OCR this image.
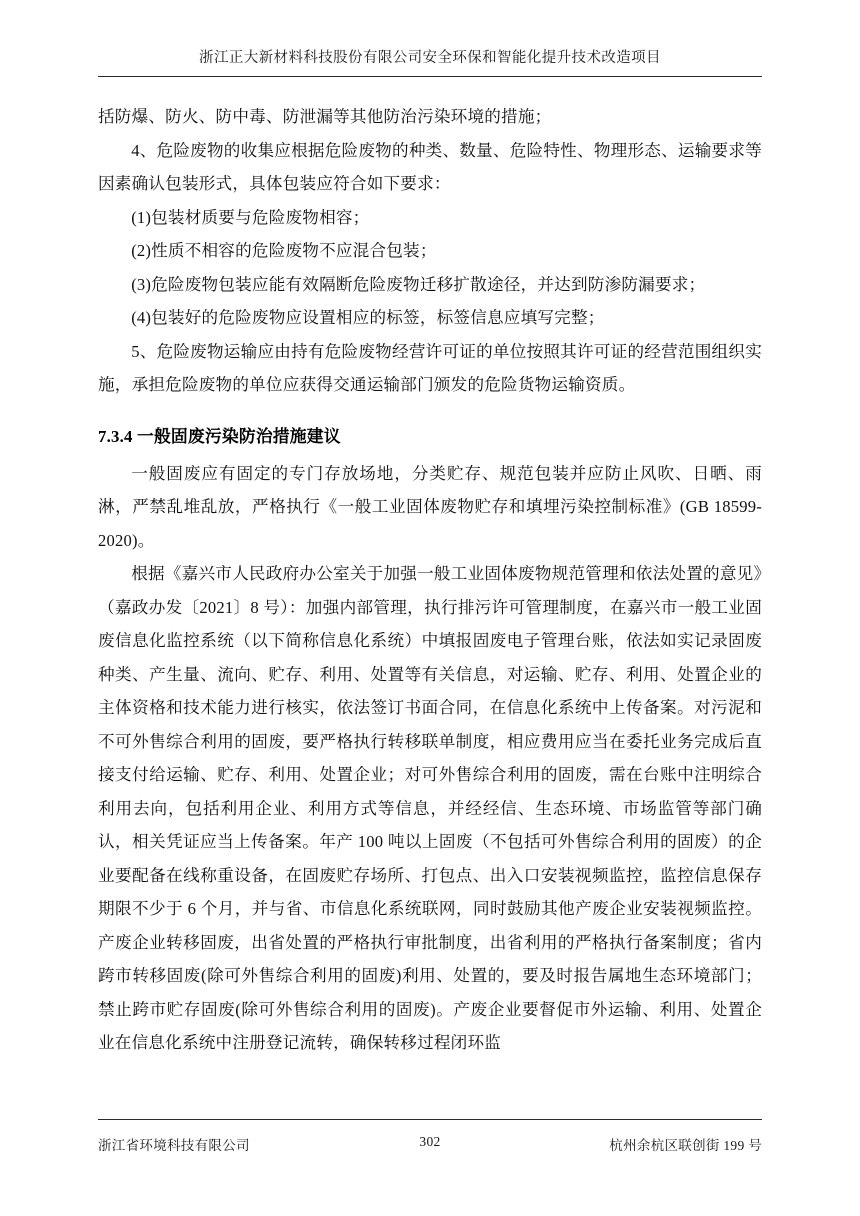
浙江正大新材料科技股份有限公司安全环保和智能化提升技术改造项目

括防爆、防火、防中毒、防泄漏等其他防治污染环境的措施；

4、危险废物的收集应根据危险废物的种类、数量、危险特性、物理形态、运输要求等因素确认包装形式，具体包装应符合如下要求：

(1)包装材质要与危险废物相容；

(2)性质不相容的危险废物不应混合包装；

(3)危险废物包装应能有效隔断危险废物迁移扩散途径，并达到防渗防漏要求；

(4)包装好的危险废物应设置相应的标签，标签信息应填写完整；

5、危险废物运输应由持有危险废物经营许可证的单位按照其许可证的经营范围组织实施，承担危险废物的单位应获得交通运输部门颁发的危险货物运输资质。

7.3.4 一般固废污染防治措施建议

一般固废应有固定的专门存放场地，分类贮存、规范包装并应防止风吹、日晒、雨淋，严禁乱堆乱放，严格执行《一般工业固体废物贮存和填埋污染控制标准》(GB 18599-2020)。

根据《嘉兴市人民政府办公室关于加强一般工业固体废物规范管理和依法处置的意见》（嘉政办发〔2021〕8 号）：加强内部管理，执行排污许可管理制度，在嘉兴市一般工业固废信息化监控系统（以下简称信息化系统）中填报固废电子管理台账，依法如实记录固废种类、产生量、流向、贮存、利用、处置等有关信息，对运输、贮存、利用、处置企业的主体资格和技术能力进行核实，依法签订书面合同，在信息化系统中上传备案。对污泥和不可外售综合利用的固废，要严格执行转移联单制度，相应费用应当在委托业务完成后直接支付给运输、贮存、利用、处置企业；对可外售综合利用的固废，需在台账中注明综合利用去向，包括利用企业、利用方式等信息，并经经信、生态环境、市场监管等部门确认，相关凭证应当上传备案。年产 100 吨以上固废（不包括可外售综合利用的固废）的企业要配备在线称重设备，在固废贮存场所、打包点、出入口安装视频监控，监控信息保存期限不少于 6 个月，并与省、市信息化系统联网，同时鼓励其他产废企业安装视频监控。产废企业转移固废，出省处置的严格执行审批制度，出省利用的严格执行备案制度；省内跨市转移固废(除可外售综合利用的固废)利用、处置的，要及时报告属地生态环境部门；禁止跨市贮存固废(除可外售综合利用的固废)。产废企业要督促市外运输、利用、处置企业在信息化系统中注册登记流转，确保转移过程闭环监

浙江省环境科技有限公司	302	杭州余杭区联创街 199 号
